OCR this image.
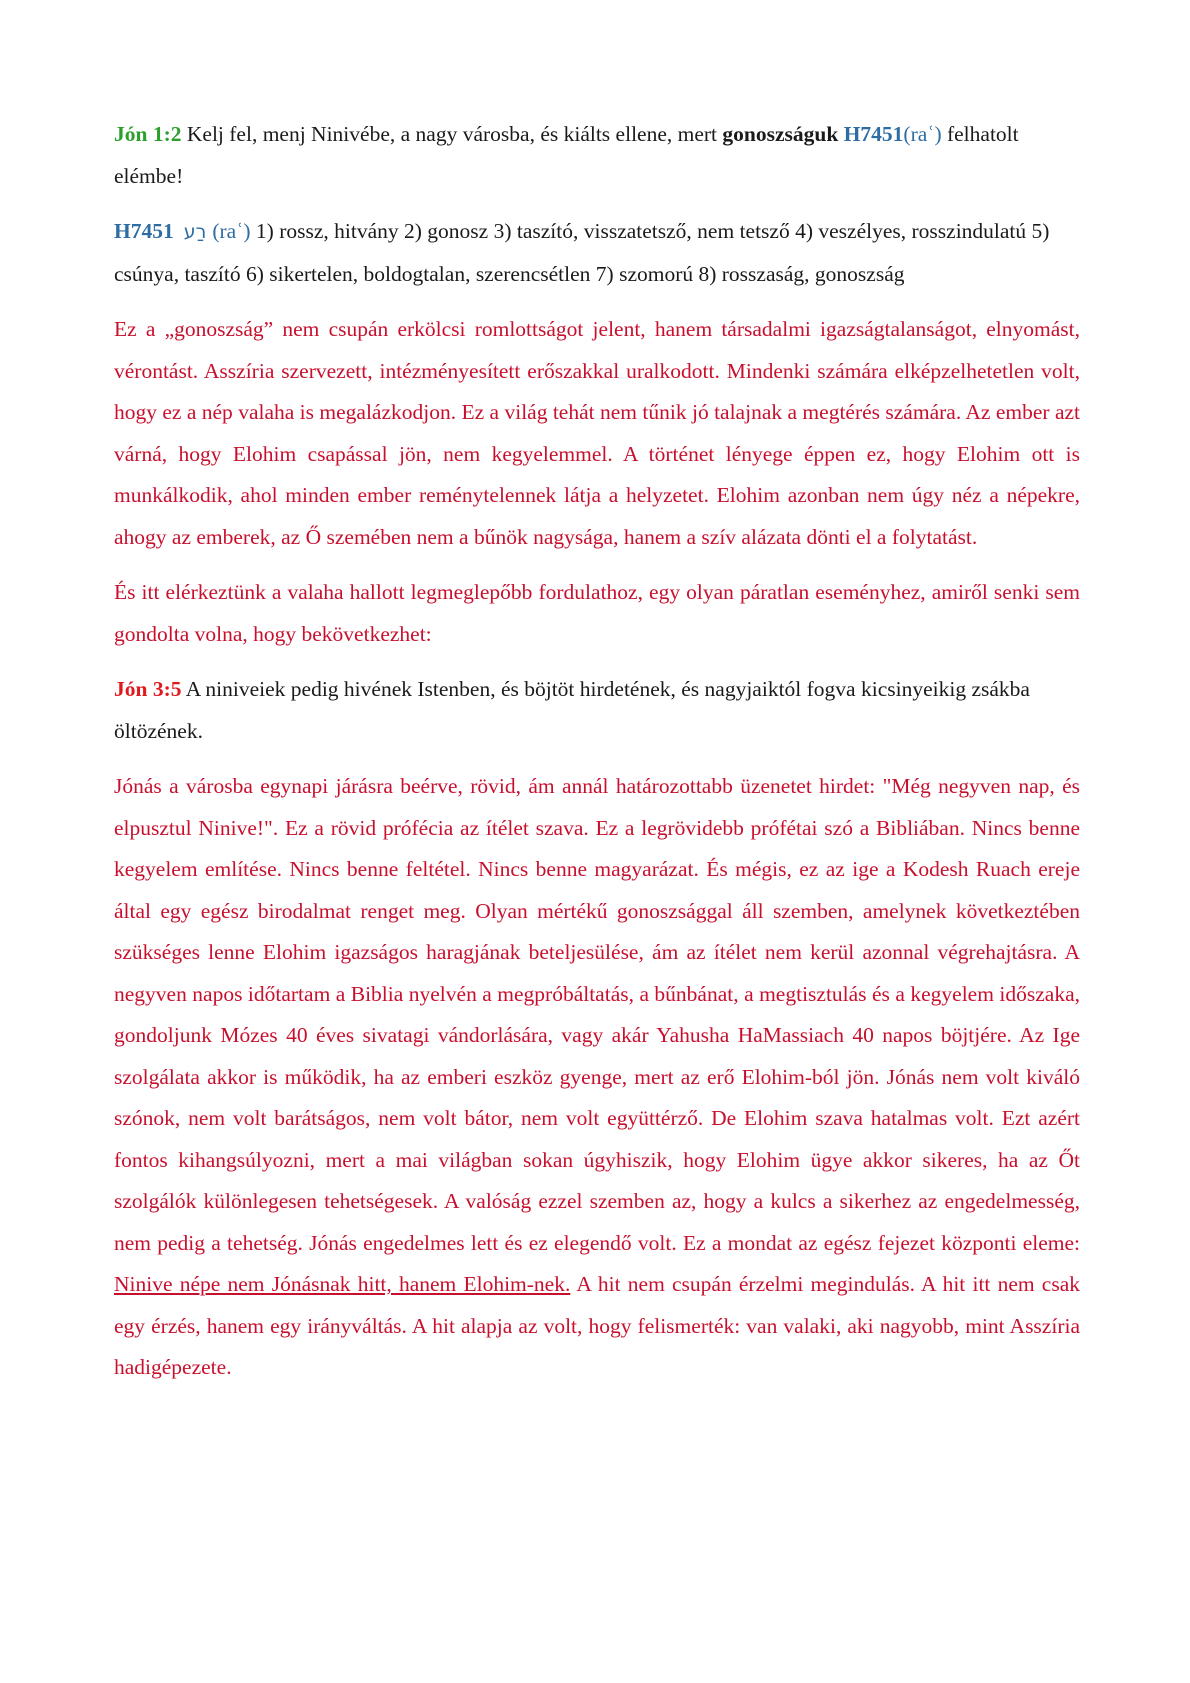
Jón 1:2 Kelj fel, menj Ninivébe, a nagy városba, és kiálts ellene, mert gonoszságuk H7451(raʿ) felhatolt elémbe!

H7451 רַע (raʿ) 1) rossz, hitvány 2) gonosz 3) taszító, visszatetsző, nem tetsző 4) veszélyes, rosszindulatú 5) csúnya, taszító 6) sikertelen, boldogtalan, szerencsétlen 7) szomorú 8) rosszaság, gonoszság

Ez a „gonoszság” nem csupán erkölcsi romlottságot jelent, hanem társadalmi igazságtalanságot, elnyomást, vérontást. Asszíria szervezett, intézményesített erőszakkal uralkodott. Mindenki számára elképzelhetetlen volt, hogy ez a nép valaha is megalázkodjon. Ez a világ tehát nem tűnik jó talajnak a megtérés számára. Az ember azt várná, hogy Elohim csapással jön, nem kegyelemmel. A történet lényege éppen ez, hogy Elohim ott is munkálkodik, ahol minden ember reménytelennek látja a helyzetet. Elohim azonban nem úgy néz a népekre, ahogy az emberek, az Ő szemében nem a bűnök nagysága, hanem a szív alázata dönti el a folytatást.

És itt elérkeztünk a valaha hallott legmeglepőbb fordulathoz, egy olyan páratlan eseményhez, amiről senki sem gondolta volna, hogy bekövetkezhet:

Jón 3:5 A niniveiek pedig hivének Istenben, és böjtöt hirdetének, és nagyjaiktól fogva kicsinyeikig zsákba öltözének.

Jónás a városba egynapi járásra beérve, rövid, ám annál határozottabb üzenetet hirdet: "Még negyven nap, és elpusztul Ninive!". Ez a rövid prófécia az ítélet szava. Ez a legrövidebb prófétai szó a Bibliában. Nincs benne kegyelem említése. Nincs benne feltétel. Nincs benne magyarázat. És mégis, ez az ige a Kodesh Ruach ereje által egy egész birodalmat renget meg. Olyan mértékű gonoszsággal áll szemben, amelynek következtében szükséges lenne Elohim igazságos haragjának beteljesülése, ám az ítélet nem kerül azonnal végrehajtásra. A negyven napos időtartam a Biblia nyelvén a megpróbáltatás, a bűnbánat, a megtisztulás és a kegyelem időszaka, gondoljunk Mózes 40 éves sivatagi vándorlására, vagy akár Yahusha HaMassiach 40 napos böjtjére. Az Ige szolgálata akkor is működik, ha az emberi eszköz gyenge, mert az erő Elohim-ból jön. Jónás nem volt kiváló szónok, nem volt barátságos, nem volt bátor, nem volt együttérző. De Elohim szava hatalmas volt. Ezt azért fontos kihangsúlyozni, mert a mai világban sokan úgyhiszik, hogy Elohim ügye akkor sikeres, ha az Őt szolgálók különlegesen tehetségesek. A valóság ezzel szemben az, hogy a kulcs a sikerhez az engedelmesség, nem pedig a tehetség. Jónás engedelmes lett és ez elegendő volt. Ez a mondat az egész fejezet központi eleme: Ninive népe nem Jónásnak hitt, hanem Elohim-nek. A hit nem csupán érzelmi megindulás. A hit itt nem csak egy érzés, hanem egy irányváltás. A hit alapja az volt, hogy felismerték: van valaki, aki nagyobb, mint Asszíria hadigépezete.
